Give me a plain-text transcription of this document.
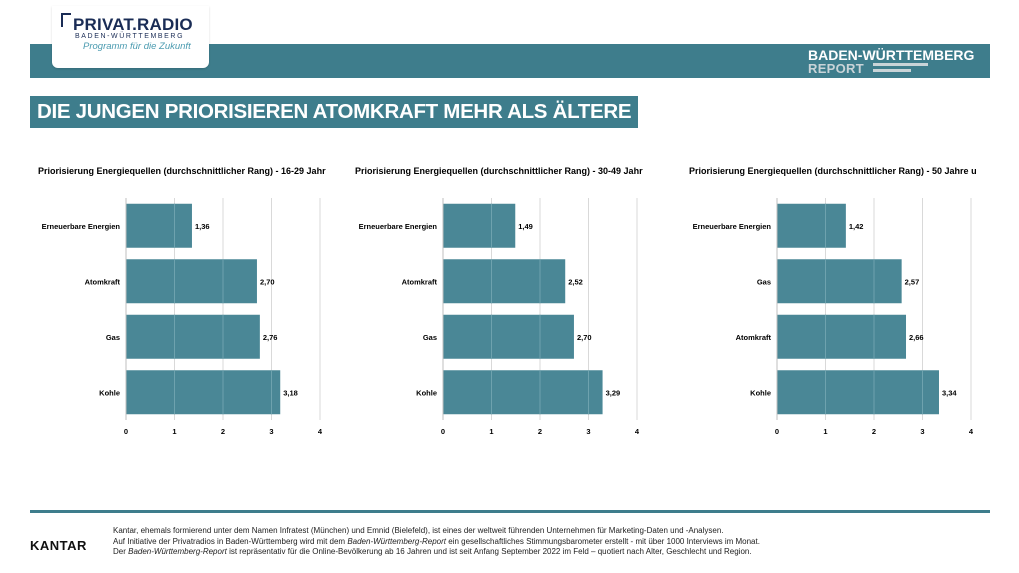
PRIVAT.RADIO
BADEN-WÜRTTEMBERG
Programm für die Zukunft
BADEN-WÜRTTEMBERG
REPORT
DIE JUNGEN PRIORISIEREN ATOMKRAFT MEHR ALS ÄLTERE
Priorisierung Energiequellen (durchschnittlicher Rang) - 16-29 Jahr
Erneuerbare Energien	1,36
Atomkraft	2,70
Gas	2,76
Kohle	3,18
0	1	2	3	4
Priorisierung Energiequellen (durchschnittlicher Rang) - 30-49 Jahr
Erneuerbare Energien	1,49
Atomkraft	2,52
Gas	2,70
Kohle	3,29
0	1	2	3	4
Priorisierung Energiequellen (durchschnittlicher Rang) - 50 Jahre u
Erneuerbare Energien	1,42
Gas	2,57
Atomkraft	2,66
Kohle	3,34
0	1	2	3	4
KANTAR
Kantar, ehemals formierend unter dem Namen Infratest (München) und Emnid (Bielefeld), ist eines der weltweit führenden Unternehmen für Marketing-Daten und -Analysen.
Auf Initiative der Privatradios in Baden-Württemberg wird mit dem Baden-Württemberg-Report ein gesellschaftliches Stimmungsbarometer erstellt - mit über 1000 Interviews im Monat.
Der Baden-Württemberg-Report ist repräsentativ für die Online-Bevölkerung ab 16 Jahren und ist seit Anfang September 2022 im Feld – quotiert nach Alter, Geschlecht und Region.
